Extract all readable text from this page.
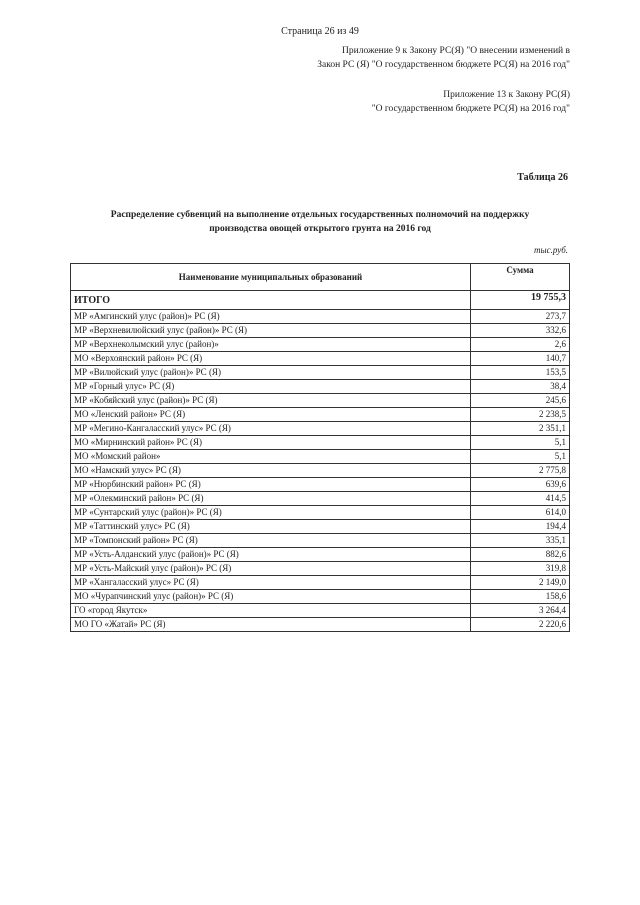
Страница 26 из 49
Приложение 9 к Закону РС(Я) "О внесении изменений в
Закон РС (Я) "О государственном бюджете РС(Я) на 2016 год"
Приложение 13 к Закону РС(Я)
"О государственном бюджете РС(Я) на 2016 год"
Таблица 26
Распределение субвенций на выполнение отдельных государственных полномочий на поддержку
производства овощей открытого грунта на 2016 год
тыс.руб.
Наименование муниципальных образований	Сумма
ИТОГО	19 755,3
МР «Амгинский улус (район)» РС (Я)	273,7
МР «Верхневилюйский улус (район)» РС (Я)	332,6
МР «Верхнеколымский улус (район)»	2,6
МО «Верхоянский район» РС (Я)	140,7
МР «Вилюйский улус (район)» РС (Я)	153,5
МР «Горный улус» РС (Я)	38,4
МР «Кобяйский улус (район)» РС (Я)	245,6
МО «Ленский район» РС (Я)	2 238,5
МР «Мегино-Кангаласский улус» РС (Я)	2 351,1
МО «Мирнинский район» РС (Я)	5,1
МО «Момский район»	5,1
МО «Намский улус» РС (Я)	2 775,8
МР «Нюрбинский район» РС (Я)	639,6
МР «Олекминский район» РС (Я)	414,5
МР «Сунтарский улус (район)» РС (Я)	614,0
МР «Таттинский улус» РС (Я)	194,4
МР «Томпонский район» РС (Я)	335,1
МР «Усть-Алданский улус (район)» РС (Я)	882,6
МР «Усть-Майский улус (район)» РС (Я)	319,8
МР «Хангаласский улус» РС (Я)	2 149,0
МО «Чурапчинский улус (район)» РС (Я)	158,6
ГО «город Якутск»	3 264,4
МО ГО «Жатай» РС (Я)	2 220,6
